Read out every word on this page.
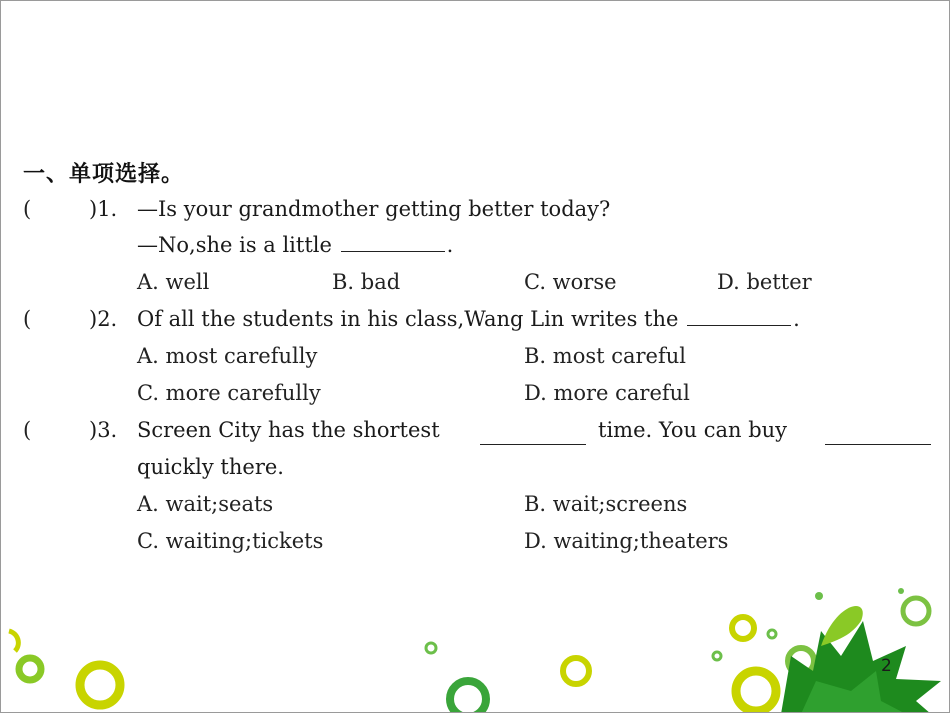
一、单项选择。
(	)1. —Is your grandmother getting better today?
—No,she is a little	.
A. well	B. bad	C. worse	D. better
(	)2. Of all the students in his class,Wang Lin writes the	.
A. most carefully	B. most careful
C. more carefully	D. more careful
(	)3. Screen City has the shortest	time. You can buy
quickly there.
A. wait;seats	B. wait;screens
C. waiting;tickets	D. waiting;theaters
2
